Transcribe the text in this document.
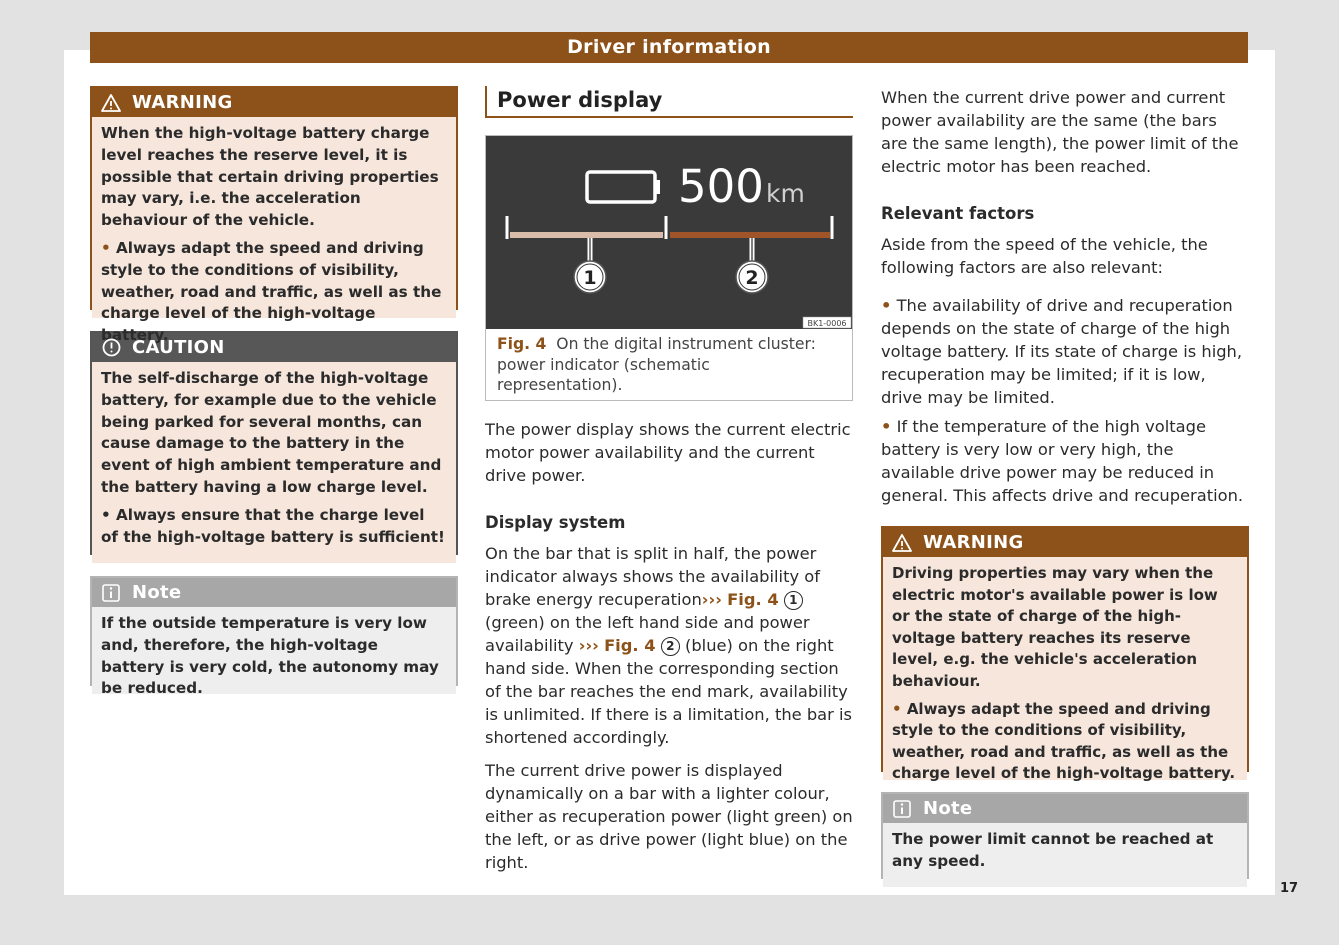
Driver information
WARNING

When the high-voltage battery charge level reaches the reserve level, it is possible that certain driving properties may vary, i.e. the acceleration behaviour of the vehicle.

• Always adapt the speed and driving style to the conditions of visibility, weather, road and traffic, as well as the charge level of the high-voltage battery.

CAUTION

The self-discharge of the high-voltage battery, for example due to the vehicle being parked for several months, can cause damage to the battery in the event of high ambient temperature and the battery having a low charge level.

• Always ensure that the charge level of the high-voltage battery is sufficient!

Note

If the outside temperature is very low and, therefore, the high-voltage battery is very cold, the autonomy may be reduced.

Power display
500 km
1	2
BK1-0006
Fig. 4 On the digital instrument cluster: power indicator (schematic representation).
The power display shows the current electric motor power availability and the current drive power.
Display system
On the bar that is split in half, the power indicator always shows the availability of brake energy recuperation››› Fig. 4 1 (green) on the left hand side and power availability ››› Fig. 4 2 (blue) on the right hand side. When the corresponding section of the bar reaches the end mark, availability is unlimited. If there is a limitation, the bar is shortened accordingly.
The current drive power is displayed dynamically on a bar with a lighter colour, either as recuperation power (light green) on the left, or as drive power (light blue) on the right.
When the current drive power and current power availability are the same (the bars are the same length), the power limit of the electric motor has been reached.
Relevant factors
Aside from the speed of the vehicle, the following factors are also relevant:
• The availability of drive and recuperation depends on the state of charge of the high voltage battery. If its state of charge is high, recuperation may be limited; if it is low, drive may be limited.
• If the temperature of the high voltage battery is very low or very high, the available drive power may be reduced in general. This affects drive and recuperation.
WARNING

Driving properties may vary when the electric motor's available power is low or the state of charge of the high-voltage battery reaches its reserve level, e.g. the vehicle's acceleration behaviour.

• Always adapt the speed and driving style to the conditions of visibility, weather, road and traffic, as well as the charge level of the high-voltage battery.

Note

The power limit cannot be reached at any speed.

17
